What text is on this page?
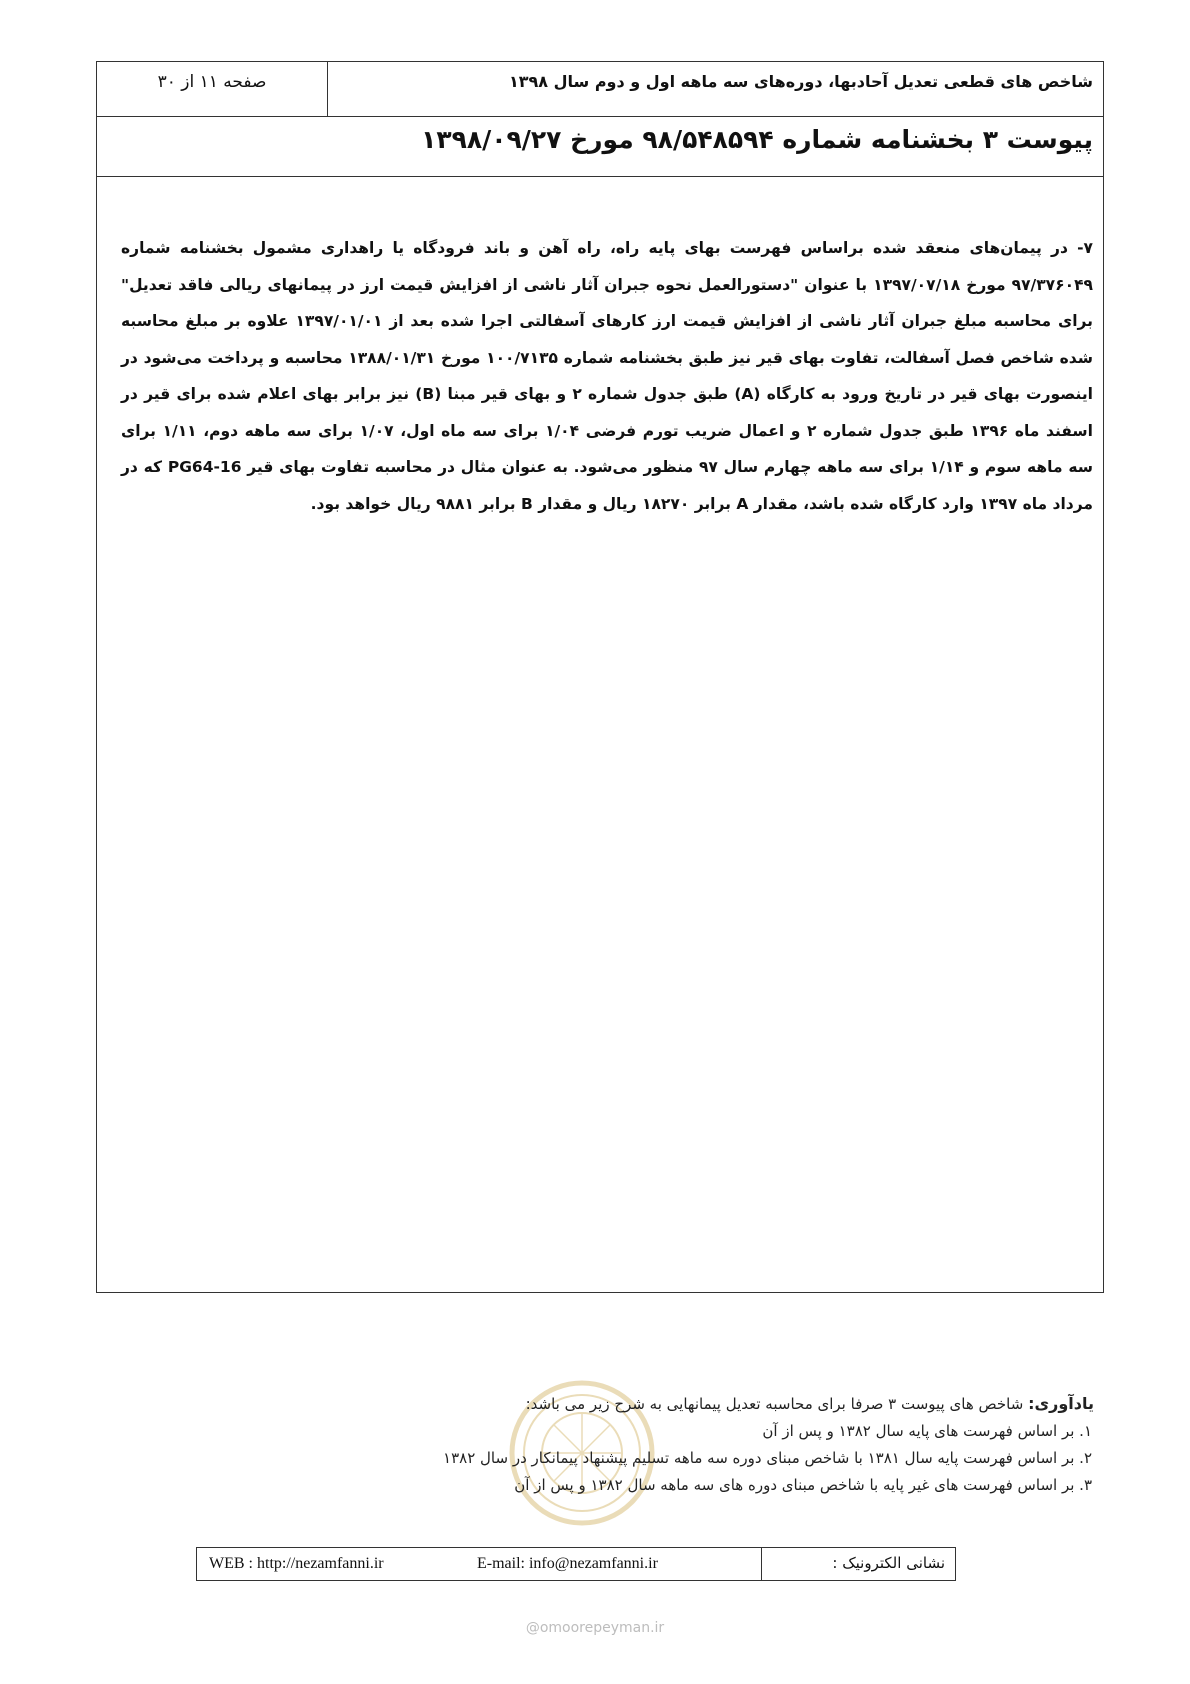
شاخص های قطعی تعدیل آحادبها، دوره‌های سه ماهه اول و دوم سال ۱۳۹۸
صفحه ۱۱ از ۳۰
پیوست ۳ بخشنامه شماره ۹۸/۵۴۸۵۹۴ مورخ ۱۳۹۸/۰۹/۲۷
۷- در پیمان‌های منعقد شده براساس فهرست بهای پایه راه، راه آهن و باند فرودگاه یا راهداری مشمول بخشنامه شماره ۹۷/۳۷۶۰۴۹ مورخ ۱۳۹۷/۰۷/۱۸ با عنوان "دستورالعمل نحوه جبران آثار ناشی از افزایش قیمت ارز در پیمانهای ریالی فاقد تعدیل" برای محاسبه مبلغ جبران آثار ناشی از افزایش قیمت ارز کارهای آسفالتی اجرا شده بعد از ۱۳۹۷/۰۱/۰۱ علاوه بر مبلغ محاسبه شده شاخص فصل آسفالت، تفاوت بهای قیر نیز طبق بخشنامه شماره ۱۰۰/۷۱۳۵ مورخ ۱۳۸۸/۰۱/۳۱ محاسبه و پرداخت می‌شود در اینصورت بهای قیر در تاریخ ورود به کارگاه (A) طبق جدول شماره ۲ و بهای قیر مبنا (B) نیز برابر بهای اعلام شده برای قیر در اسفند ماه ۱۳۹۶ طبق جدول شماره ۲ و اعمال ضریب تورم فرضی ۱/۰۴ برای سه ماه اول، ۱/۰۷ برای سه ماهه دوم، ۱/۱۱ برای سه ماهه سوم و ۱/۱۴ برای سه ماهه چهارم سال ۹۷ منظور می‌شود. به عنوان مثال در محاسبه تفاوت بهای قیر PG64-16 که در مرداد ماه ۱۳۹۷ وارد کارگاه شده باشد، مقدار A برابر ۱۸۲۷۰ ریال و مقدار B برابر ۹۸۸۱ ریال خواهد بود.
یادآوری: شاخص های پیوست ۳ صرفا برای محاسبه تعدیل پیمانهایی به شرح زیر می باشد:
۱. بر اساس فهرست های پایه سال ۱۳۸۲ و پس از آن
۲. بر اساس فهرست پایه سال ۱۳۸۱ با شاخص مبنای دوره سه ماهه تسلیم پیشنهاد پیمانکار در سال ۱۳۸۲
۳. بر اساس فهرست های غیر پایه با شاخص مبنای دوره های سه ماهه سال ۱۳۸۲ و پس از آن
نشانی الکترونیک :
E-mail: info@nezamfanni.ir
WEB : http://nezamfanni.ir
@omoorepeyman.ir
